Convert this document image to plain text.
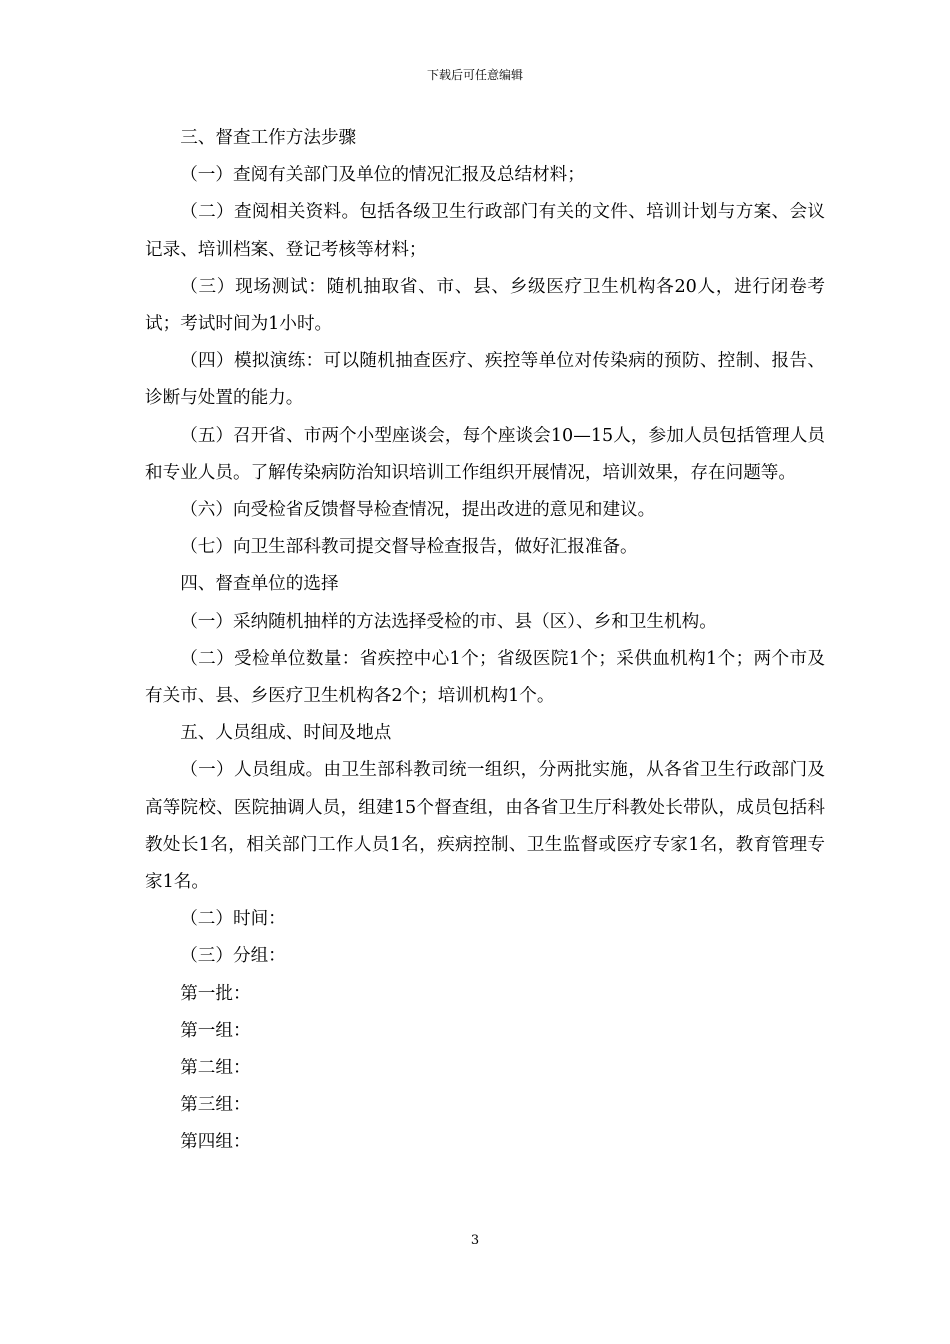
下载后可任意编辑

三、督查工作方法步骤

（一）查阅有关部门及单位的情况汇报及总结材料；

（二）查阅相关资料。包括各级卫生行政部门有关的文件、培训计划与方案、会议记录、培训档案、登记考核等材料；

（三）现场测试：随机抽取省、市、县、乡级医疗卫生机构各20人，进行闭卷考试；考试时间为1小时。

（四）模拟演练：可以随机抽查医疗、疾控等单位对传染病的预防、控制、报告、诊断与处置的能力。

（五）召开省、市两个小型座谈会，每个座谈会10—15人，参加人员包括管理人员和专业人员。了解传染病防治知识培训工作组织开展情况，培训效果，存在问题等。

（六）向受检省反馈督导检查情况，提出改进的意见和建议。

（七）向卫生部科教司提交督导检查报告，做好汇报准备。

四、督查单位的选择

（一）采纳随机抽样的方法选择受检的市、县（区）、乡和卫生机构。

（二）受检单位数量：省疾控中心1个；省级医院1个；采供血机构1个；两个市及有关市、县、乡医疗卫生机构各2个；培训机构1个。

五、人员组成、时间及地点

（一）人员组成。由卫生部科教司统一组织，分两批实施，从各省卫生行政部门及高等院校、医院抽调人员，组建15个督查组，由各省卫生厅科教处长带队，成员包括科教处长1名，相关部门工作人员1名，疾病控制、卫生监督或医疗专家1名，教育管理专家1名。

（二）时间：

（三）分组：

第一批：

第一组：

第二组：

第三组：

第四组：

3
